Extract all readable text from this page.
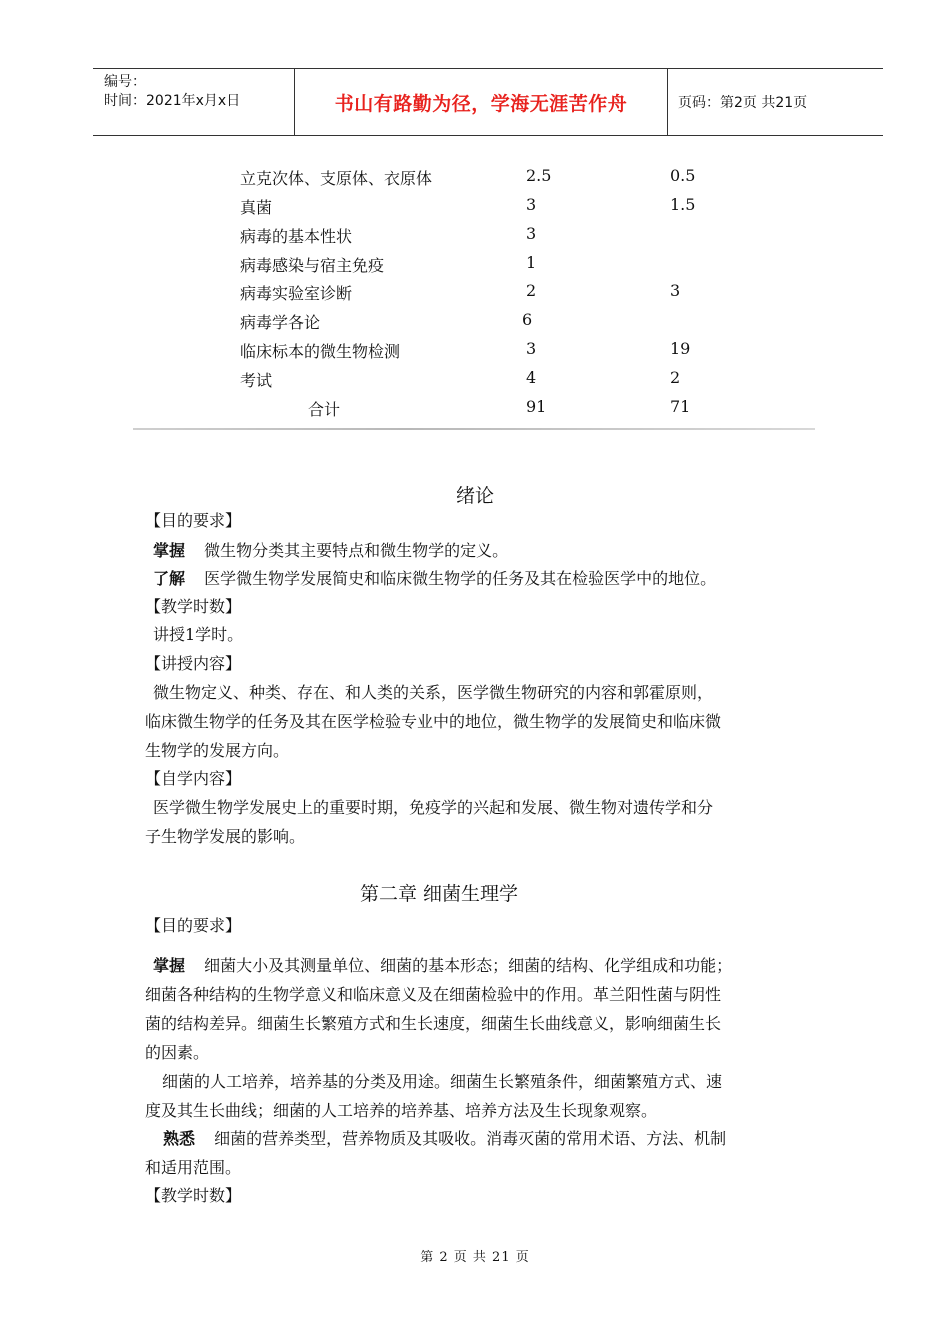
编号：
时间：2021年x月x日	书山有路勤为径，学海无涯苦作舟	页码：第2页 共21页
立克次体、支原体、衣原体	2.5	0.5
真菌	3	1.5
病毒的基本性状	3
病毒感染与宿主免疫	1
病毒实验室诊断	2	3
病毒学各论	6
临床标本的微生物检测	3	19
考试	4	2
合计	91	71
绪论
【目的要求】
掌握 微生物分类其主要特点和微生物学的定义。
了解 医学微生物学发展简史和临床微生物学的任务及其在检验医学中的地位。
【教学时数】
讲授1学时。
【讲授内容】
微生物定义、种类、存在、和人类的关系，医学微生物研究的内容和郭霍原则，
临床微生物学的任务及其在医学检验专业中的地位，微生物学的发展简史和临床微
生物学的发展方向。
【自学内容】
医学微生物学发展史上的重要时期，免疫学的兴起和发展、微生物对遗传学和分
子生物学发展的影响。
第二章 细菌生理学
【目的要求】
掌握 细菌大小及其测量单位、细菌的基本形态；细菌的结构、化学组成和功能；
细菌各种结构的生物学意义和临床意义及在细菌检验中的作用。革兰阳性菌与阴性
菌的结构差异。细菌生长繁殖方式和生长速度，细菌生长曲线意义，影响细菌生长
的因素。
细菌的人工培养，培养基的分类及用途。细菌生长繁殖条件，细菌繁殖方式、速
度及其生长曲线；细菌的人工培养的培养基、培养方法及生长现象观察。
熟悉 细菌的营养类型，营养物质及其吸收。消毒灭菌的常用术语、方法、机制
和适用范围。
【教学时数】
第 2 页 共 21 页
